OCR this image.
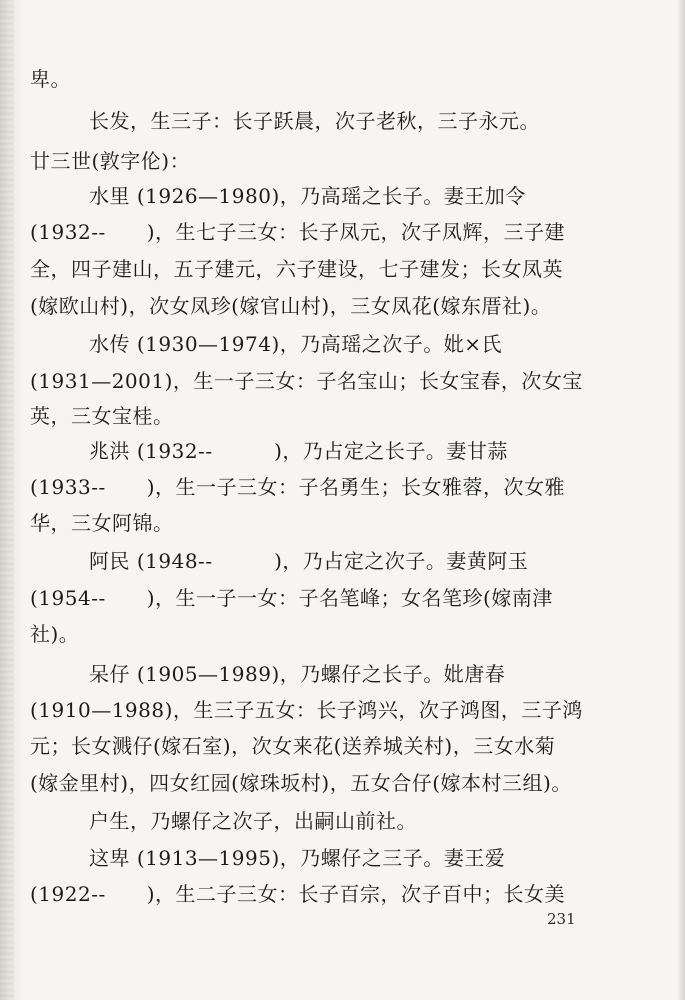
卑。
长发，生三子：长子跃晨，次子老秋，三子永元。
廿三世(敦字伦)：
水里 (1926—1980)，乃高瑶之长子。妻王加令
(1932--　　)，生七子三女：长子凤元，次子凤辉，三子建
全，四子建山，五子建元，六子建设，七子建发；长女凤英
(嫁欧山村)，次女凤珍(嫁官山村)，三女凤花(嫁东厝社)。
水传 (1930—1974)，乃高瑶之次子。妣×氏
(1931—2001)，生一子三女：子名宝山；长女宝春，次女宝
英，三女宝桂。
兆洪 (1932--　　　)，乃占定之长子。妻甘蒜
(1933--　　)，生一子三女：子名勇生；长女雅蓉，次女雅
华，三女阿锦。
阿民 (1948--　　　)，乃占定之次子。妻黄阿玉
(1954--　　)，生一子一女：子名笔峰；女名笔珍(嫁南津
社)。
呆仔 (1905—1989)，乃螺仔之长子。妣唐春
(1910—1988)，生三子五女：长子鸿兴，次子鸿图，三子鸿
元；长女溅仔(嫁石室)，次女来花(送养城关村)，三女水菊
(嫁金里村)，四女红园(嫁珠坂村)，五女合仔(嫁本村三组)。
户生，乃螺仔之次子，出嗣山前社。
这卑 (1913—1995)，乃螺仔之三子。妻王爱
(1922--　　)，生二子三女：长子百宗，次子百中；长女美
231
